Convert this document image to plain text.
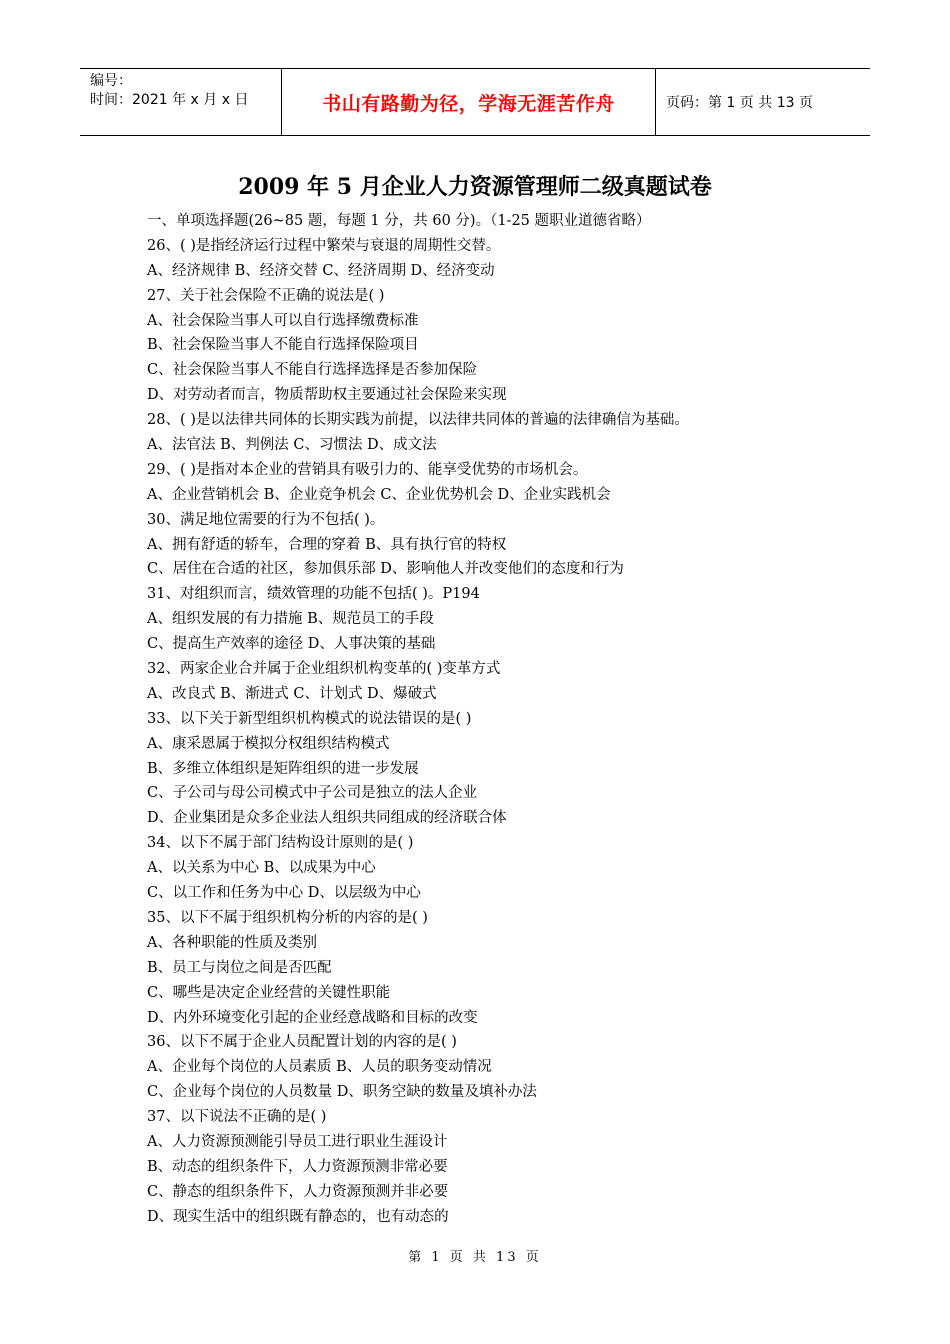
编号：
时间：2021 年 x 月 x 日	书山有路勤为径，学海无涯苦作舟	页码：第 1 页 共 13 页
2009 年 5 月企业人力资源管理师二级真题试卷
一、单项选择题(26~85 题，每题 1 分，共 60 分)。（1-25 题职业道德省略）
26、( )是指经济运行过程中繁荣与衰退的周期性交替。
A、经济规律 B、经济交替 C、经济周期 D、经济变动
27、关于社会保险不正确的说法是( )
A、社会保险当事人可以自行选择缴费标准
B、社会保险当事人不能自行选择保险项目
C、社会保险当事人不能自行选择选择是否参加保险
D、对劳动者而言，物质帮助权主要通过社会保险来实现
28、( )是以法律共同体的长期实践为前提，以法律共同体的普遍的法律确信为基础。
A、法官法 B、判例法 C、习惯法 D、成文法
29、( )是指对本企业的营销具有吸引力的、能享受优势的市场机会。
A、企业营销机会 B、企业竞争机会 C、企业优势机会 D、企业实践机会
30、满足地位需要的行为不包括( )。
A、拥有舒适的轿车，合理的穿着 B、具有执行官的特权
C、居住在合适的社区，参加俱乐部 D、影响他人并改变他们的态度和行为
31、对组织而言，绩效管理的功能不包括( )。P194
A、组织发展的有力措施 B、规范员工的手段
C、提高生产效率的途径 D、人事决策的基础
32、两家企业合并属于企业组织机构变革的( )变革方式
A、改良式 B、渐进式 C、计划式 D、爆破式
33、以下关于新型组织机构模式的说法错误的是( )
A、康采恩属于模拟分权组织结构模式
B、多维立体组织是矩阵组织的进一步发展
C、子公司与母公司模式中子公司是独立的法人企业
D、企业集团是众多企业法人组织共同组成的经济联合体
34、以下不属于部门结构设计原则的是( )
A、以关系为中心 B、以成果为中心
C、以工作和任务为中心 D、以层级为中心
35、以下不属于组织机构分析的内容的是( )
A、各种职能的性质及类别
B、员工与岗位之间是否匹配
C、哪些是决定企业经营的关键性职能
D、内外环境变化引起的企业经意战略和目标的改变
36、以下不属于企业人员配置计划的内容的是( )
A、企业每个岗位的人员素质 B、人员的职务变动情况
C、企业每个岗位的人员数量 D、职务空缺的数量及填补办法
37、以下说法不正确的是( )
A、人力资源预测能引导员工进行职业生涯设计
B、动态的组织条件下，人力资源预测非常必要
C、静态的组织条件下，人力资源预测并非必要
D、现实生活中的组织既有静态的，也有动态的
第 1 页 共 13 页
